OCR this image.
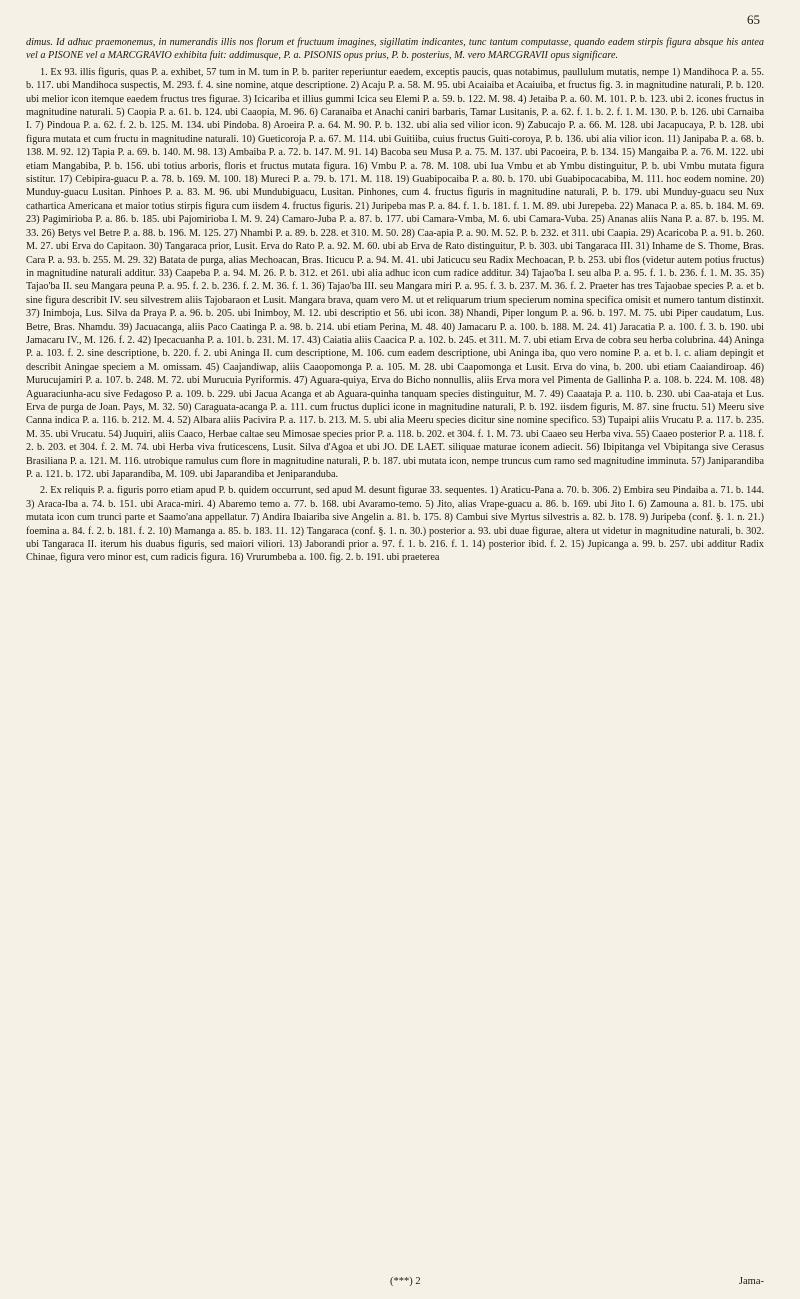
65

dimus. Id adhuc praemonemus, in numerandis illis nos florum et fructuum imagines, sigillatim indicantes, tunc tantum computasse, quando eadem stirpis figura absque his antea vel a PISONE vel a MARCGRAVIO exhibita fuit: addimusque, P. a. PISONIS opus prius, P. b. posterius, M. vero MARCGRAVII opus significare.

1. Ex 93. illis figuris, quas P. a. exhibet, 57 tum in M. tum in P. b. pariter reperiuntur eaedem, exceptis paucis, quas notabimus, paullulum mutatis, nempe 1) Mandihoca P. a. 55. b. 117. ubi Mandihoca suspectis, M. 293. f. 4. sine nomine, atque descriptione. 2) Acaju P. a. 58. M. 95. ubi Acaiaiba et Acaiuiba, et fructus fig. 3. in magnitudine naturali, P. b. 120. ubi melior icon itemque eaedem fructus tres figurae. 3) Icicariba et illius gummi Icica seu Elemi P. a. 59. b. 122. M. 98. 4) Jetaiba P. a. 60. M. 101. P. b. 123. ubi 2. icones fructus in magnitudine naturali. 5) Caopia P. a. 61. b. 124. ubi Caaopia, M. 96. 6) Caranaiba et Anachi caniri barbaris, Tamar Lusitanis, P. a. 62. f. 1. b. 2. f. 1. M. 130. P. b. 126. ubi Carnaiba I. 7) Pindoua P. a. 62. f. 2. b. 125. M. 134. ubi Pindoba. 8) Aroeira P. a. 64. M. 90. P. b. 132. ubi alia sed vilior icon. 9) Zabucajo P. a. 66. M. 128. ubi Jacapucaya, P. b. 128. ubi figura mutata et cum fructu in magnitudine naturali. 10) Gueticoroja P. a. 67. M. 114. ubi Guitiiba, cuius fructus Guiti-coroya, P. b. 136. ubi alia vilior icon. 11) Janipaba P. a. 68. b. 138. M. 92. 12) Tapia P. a. 69. b. 140. M. 98. 13) Ambaiba P. a. 72. b. 147. M. 91. 14) Bacoba seu Musa P. a. 75. M. 137. ubi Pacoeira, P. b. 134. 15) Mangaiba P. a. 76. M. 122. ubi etiam Mangabiba, P. b. 156. ubi totius arboris, floris et fructus mutata figura. 16) Vmbu P. a. 78. M. 108. ubi Iua Vmbu et ab Ymbu distinguitur, P. b. ubi Vmbu mutata figura sistitur. 17) Cebipira-guacu P. a. 78. b. 169. M. 100. 18) Mureci P. a. 79. b. 171. M. 118. 19) Guabipocaiba P. a. 80. b. 170. ubi Guabipocacabiba, M. 111. hoc eodem nomine. 20) Munduy-guacu Lusitan. Pinhoes P. a. 83. M. 96. ubi Mundubiguacu, Lusitan. Pinhones, cum 4. fructus figuris in magnitudine naturali, P. b. 179. ubi Munduy-guacu seu Nux cathartica Americana et maior totius stirpis figura cum iisdem 4. fructus figuris. 21) Juripeba mas P. a. 84. f. 1. b. 181. f. 1. M. 89. ubi Jurepeba. 22) Manaca P. a. 85. b. 184. M. 69. 23) Pagimirioba P. a. 86. b. 185. ubi Pajomirioba I. M. 9. 24) Camaro-Juba P. a. 87. b. 177. ubi Camara-Vmba, M. 6. ubi Camara-Vuba. 25) Ananas aliis Nana P. a. 87. b. 195. M. 33. 26) Betys vel Betre P. a. 88. b. 196. M. 125. 27) Nhambi P. a. 89. b. 228. et 310. M. 50. 28) Caa-apia P. a. 90. M. 52. P. b. 232. et 311. ubi Caapia. 29) Acaricoba P. a. 91. b. 260. M. 27. ubi Erva do Capitaon. 30) Tangaraca prior, Lusit. Erva do Rato P. a. 92. M. 60. ubi ab Erva de Rato distinguitur, P. b. 303. ubi Tangaraca III. 31) Inhame de S. Thome, Bras. Cara P. a. 93. b. 255. M. 29. 32) Batata de purga, alias Mechoacan, Bras. Iticucu P. a. 94. M. 41. ubi Jaticucu seu Radix Mechoacan, P. b. 253. ubi flos (videtur autem potius fructus) in magnitudine naturali additur. 33) Caapeba P. a. 94. M. 26. P. b. 312. et 261. ubi alia adhuc icon cum radice additur. 34) Tajao'ba I. seu alba P. a. 95. f. 1. b. 236. f. 1. M. 35. 35) Tajao'ba II. seu Mangara peuna P. a. 95. f. 2. b. 236. f. 2. M. 36. f. 1. 36) Tajao'ba III. seu Mangara miri P. a. 95. f. 3. b. 237. M. 36. f. 2. Praeter has tres Tajaobae species P. a. et b. sine figura describit IV. seu silvestrem aliis Tajobaraon et Lusit. Mangara brava, quam vero M. ut et reliquarum trium specierum nomina specifica omisit et numero tantum distinxit. 37) Inimboja, Lus. Silva da Praya P. a. 96. b. 205. ubi Inimboy, M. 12. ubi descriptio et 56. ubi icon. 38) Nhandi, Piper longum P. a. 96. b. 197. M. 75. ubi Piper caudatum, Lus. Betre, Bras. Nhamdu. 39) Jacuacanga, aliis Paco Caatinga P. a. 98. b. 214. ubi etiam Perina, M. 48. 40) Jamacaru P. a. 100. b. 188. M. 24. 41) Jaracatia P. a. 100. f. 3. b. 190. ubi Jamacaru IV., M. 126. f. 2. 42) Ipecacuanha P. a. 101. b. 231. M. 17. 43) Caiatia aliis Caacica P. a. 102. b. 245. et 311. M. 7. ubi etiam Erva de cobra seu herba colubrina. 44) Aninga P. a. 103. f. 2. sine descriptione, b. 220. f. 2. ubi Aninga II. cum descriptione, M. 106. cum eadem descriptione, ubi Aninga iba, quo vero nomine P. a. et b. l. c. aliam depingit et describit Aningae speciem a M. omissam. 45) Caajandiwap, aliis Caaopomonga P. a. 105. M. 28. ubi Caapomonga et Lusit. Erva do vina, b. 200. ubi etiam Caaiandiroap. 46) Murucujamiri P. a. 107. b. 248. M. 72. ubi Murucuia Pyriformis. 47) Aguara-quiya, Erva do Bicho nonnullis, aliis Erva mora vel Pimenta de Gallinha P. a. 108. b. 224. M. 108. 48) Aguaraciunha-acu sive Fedagoso P. a. 109. b. 229. ubi Jacua Acanga et ab Aguara-quinha tanquam species distinguitur, M. 7. 49) Caaataja P. a. 110. b. 230. ubi Caa-ataja et Lus. Erva de purga de Joan. Pays, M. 32. 50) Caraguata-acanga P. a. 111. cum fructus duplici icone in magnitudine naturali, P. b. 192. iisdem figuris, M. 87. sine fructu. 51) Meeru sive Canna indica P. a. 116. b. 212. M. 4. 52) Albara aliis Pacivira P. a. 117. b. 213. M. 5. ubi alia Meeru species dicitur sine nomine specifico. 53) Tupaipi aliis Vrucatu P. a. 117. b. 235. M. 35. ubi Vrucatu. 54) Juquiri, aliis Caaco, Herbae caltae seu Mimosae species prior P. a. 118. b. 202. et 304. f. 1. M. 73. ubi Caaeo seu Herba viva. 55) Caaeo posterior P. a. 118. f. 2. b. 203. et 304. f. 2. M. 74. ubi Herba viva fruticescens, Lusit. Silva d'Agoa et ubi JO. DE LAET. siliquae maturae iconem adiecit. 56) Ibipitanga vel Vbipitanga sive Cerasus Brasiliana P. a. 121. M. 116. utrobique ramulus cum flore in magnitudine naturali, P. b. 187. ubi mutata icon, nempe truncus cum ramo sed magnitudine imminuta. 57) Janiparandiba P. a. 121. b. 172. ubi Japarandiba, M. 109. ubi Japarandiba et Jeniparanduba.

2. Ex reliquis P. a. figuris porro etiam apud P. b. quidem occurrunt, sed apud M. desunt figurae 33. sequentes. 1) Araticu-Pana a. 70. b. 306. 2) Embira seu Pindaiba a. 71. b. 144. 3) Araca-Iba a. 74. b. 151. ubi Araca-miri. 4) Abaremo temo a. 77. b. 168. ubi Avaramo-temo. 5) Jito, alias Vrape-guacu a. 86. b. 169. ubi Jito I. 6) Zamouna a. 81. b. 175. ubi mutata icon cum trunci parte et Saamo'ana appellatur. 7) Andira Ibaiariba sive Angelin a. 81. b. 175. 8) Cambui sive Myrtus silvestris a. 82. b. 178. 9) Juripeba (conf. §. 1. n. 21.) foemina a. 84. f. 2. b. 181. f. 2. 10) Mamanga a. 85. b. 183. 11. 12) Tangaraca (conf. §. 1. n. 30.) posterior a. 93. ubi duae figurae, altera ut videtur in magnitudine naturali, b. 302. ubi Tangaraca II. iterum his duabus figuris, sed maiori viliori. 13) Jaborandi prior a. 97. f. 1. b. 216. f. 1. 14) posterior ibid. f. 2. 15) Jupicanga a. 99. b. 257. ubi additur Radix Chinae, figura vero minor est, cum radicis figura. 16) Vrurumbeba a. 100. fig. 2. b. 191. ubi praeterea

(***) 2	Jama-
